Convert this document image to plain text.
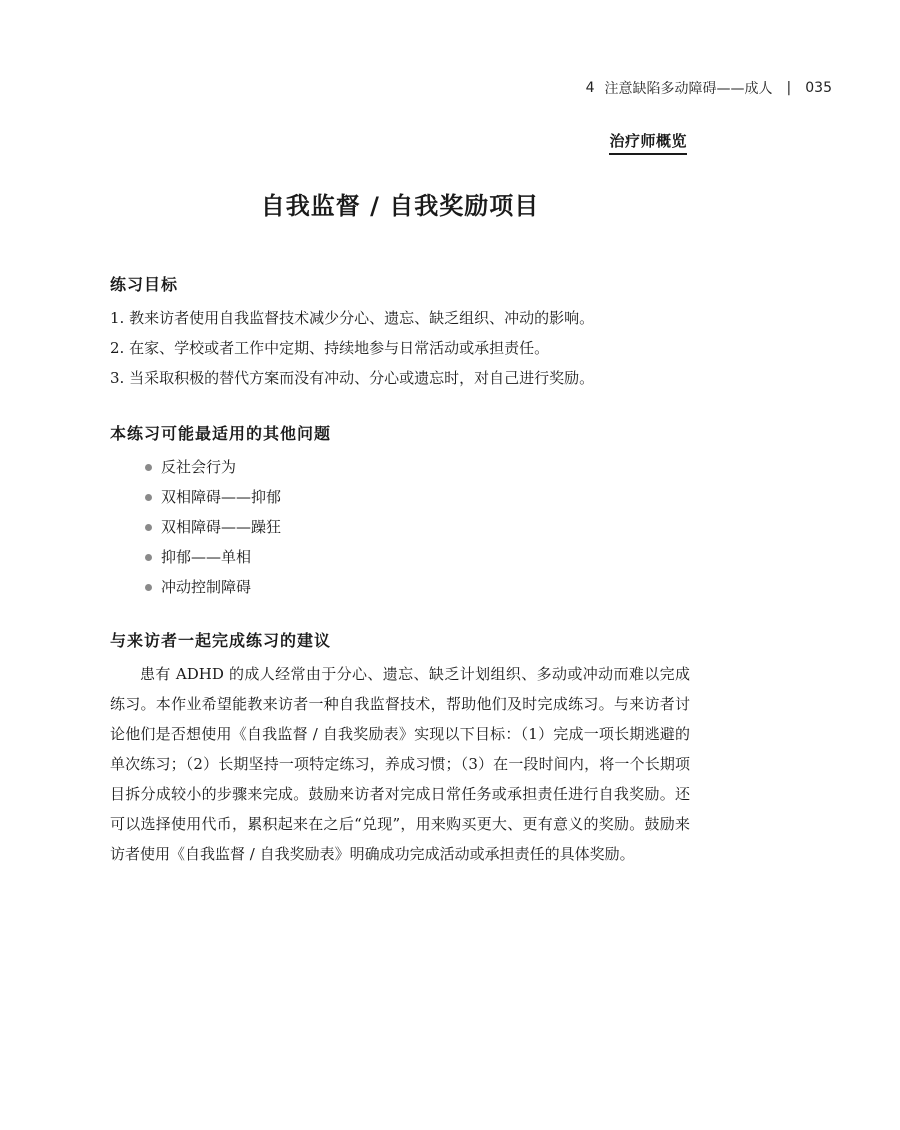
4 注意缺陷多动障碍——成人 | 035
治疗师概览
自我监督 / 自我奖励项目
练习目标
1. 教来访者使用自我监督技术减少分心、遗忘、缺乏组织、冲动的影响。
2. 在家、学校或者工作中定期、持续地参与日常活动或承担责任。
3. 当采取积极的替代方案而没有冲动、分心或遗忘时，对自己进行奖励。
本练习可能最适用的其他问题
反社会行为
双相障碍——抑郁
双相障碍——躁狂
抑郁——单相
冲动控制障碍
与来访者一起完成练习的建议

患有 ADHD 的成人经常由于分心、遗忘、缺乏计划组织、多动或冲动而难以完成练习。本作业希望能教来访者一种自我监督技术，帮助他们及时完成练习。与来访者讨论他们是否想使用《自我监督 / 自我奖励表》实现以下目标：（1）完成一项长期逃避的单次练习；（2）长期坚持一项特定练习，养成习惯；（3）在一段时间内，将一个长期项目拆分成较小的步骤来完成。鼓励来访者对完成日常任务或承担责任进行自我奖励。还可以选择使用代币，累积起来在之后“兑现”，用来购买更大、更有意义的奖励。鼓励来访者使用《自我监督 / 自我奖励表》明确成功完成活动或承担责任的具体奖励。
